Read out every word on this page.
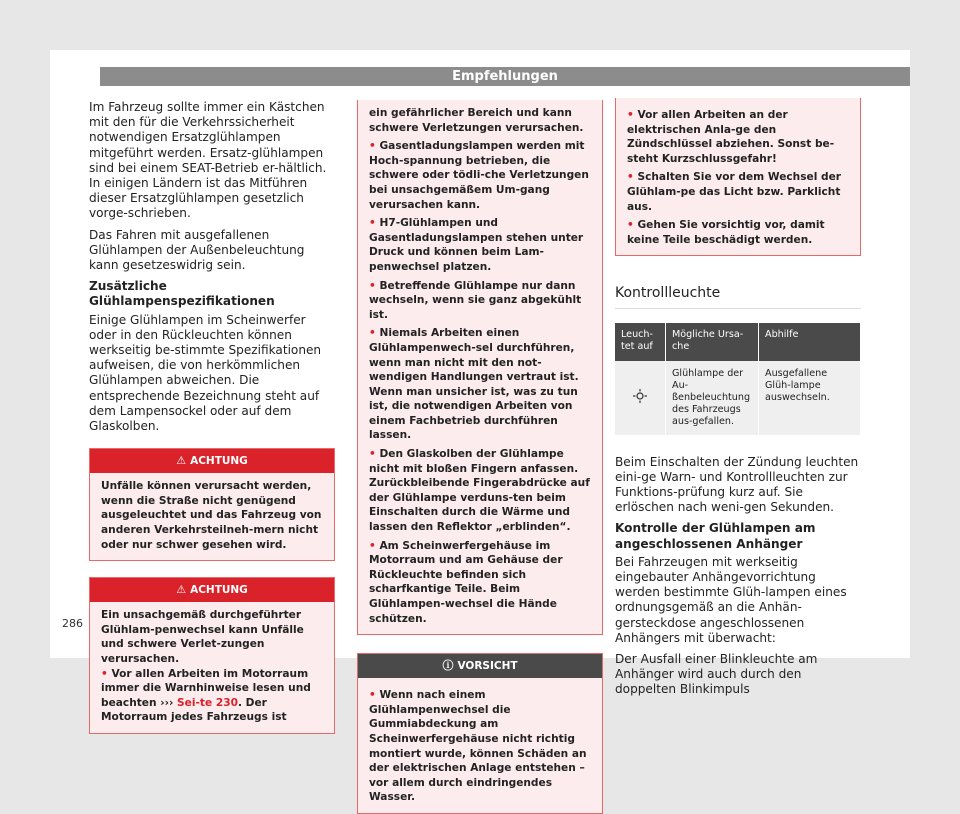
Empfehlungen

Im Fahrzeug sollte immer ein Kästchen mit den für die Verkehrssicherheit notwendigen Ersatzglühlampen mitgeführt werden. Ersatz-glühlampen sind bei einem SEAT-Betrieb er-hältlich. In einigen Ländern ist das Mitführen dieser Ersatzglühlampen gesetzlich vorge-schrieben.

Das Fahren mit ausgefallenen Glühlampen der Außenbeleuchtung kann gesetzeswidrig sein.

Zusätzliche Glühlampenspezifikationen

Einige Glühlampen im Scheinwerfer oder in den Rückleuchten können werkseitig be-stimmte Spezifikationen aufweisen, die von herkömmlichen Glühlampen abweichen. Die entsprechende Bezeichnung steht auf dem Lampensockel oder auf dem Glaskolben.

⚠ ACHTUNG
Unfälle können verursacht werden, wenn die Straße nicht genügend ausgeleuchtet und das Fahrzeug von anderen Verkehrsteilneh-mern nicht oder nur schwer gesehen wird.
⚠ ACHTUNG
Ein unsachgemäß durchgeführter Glühlam-penwechsel kann Unfälle und schwere Verlet-zungen verursachen.
• Vor allen Arbeiten im Motorraum immer die Warnhinweise lesen und beachten ››› Sei-te 230. Der Motorraum jedes Fahrzeugs ist
ein gefährlicher Bereich und kann schwere Verletzungen verursachen.
• Gasentladungslampen werden mit Hoch-spannung betrieben, die schwere oder tödli-che Verletzungen bei unsachgemäßem Um-gang verursachen kann.
• H7-Glühlampen und Gasentladungslampen stehen unter Druck und können beim Lam-penwechsel platzen.
• Betreffende Glühlampe nur dann wechseln, wenn sie ganz abgekühlt ist.
• Niemals Arbeiten einen Glühlampenwech-sel durchführen, wenn man nicht mit den not-wendigen Handlungen vertraut ist. Wenn man unsicher ist, was zu tun ist, die notwendigen Arbeiten von einem Fachbetrieb durchführen lassen.
• Den Glaskolben der Glühlampe nicht mit bloßen Fingern anfassen. Zurückbleibende Fingerabdrücke auf der Glühlampe verduns-ten beim Einschalten durch die Wärme und lassen den Reflektor „erblinden“.
• Am Scheinwerfergehäuse im Motorraum und am Gehäuse der Rückleuchte befinden sich scharfkantige Teile. Beim Glühlampen-wechsel die Hände schützen.
ⓘ VORSICHT
• Wenn nach einem Glühlampenwechsel die Gummiabdeckung am Scheinwerfergehäuse nicht richtig montiert wurde, können Schäden an der elektrischen Anlage entstehen – vor allem durch eindringendes Wasser.
• Vor allen Arbeiten an der elektrischen Anla-ge den Zündschlüssel abziehen. Sonst be-steht Kurzschlussgefahr!
• Schalten Sie vor dem Wechsel der Glühlam-pe das Licht bzw. Parklicht aus.
• Gehen Sie vorsichtig vor, damit keine Teile beschädigt werden.
Kontrollleuchte
Leuch-tet auf	Mögliche Ursa-che	Abhilfe
	Glühlampe der Au-ßenbeleuchtung des Fahrzeugs aus-gefallen.	Ausgefallene Glüh-lampe auswechseln.

Beim Einschalten der Zündung leuchten eini-ge Warn- und Kontrollleuchten zur Funktions-prüfung kurz auf. Sie erlöschen nach weni-gen Sekunden.

Kontrolle der Glühlampen am angeschlossenen Anhänger

Bei Fahrzeugen mit werkseitig eingebauter Anhängevorrichtung werden bestimmte Glüh-lampen eines ordnungsgemäß an die Anhän-gersteckdose angeschlossenen Anhängers mit überwacht:

Der Ausfall einer Blinkleuchte am Anhänger wird auch durch den doppelten Blinkimpuls

286
